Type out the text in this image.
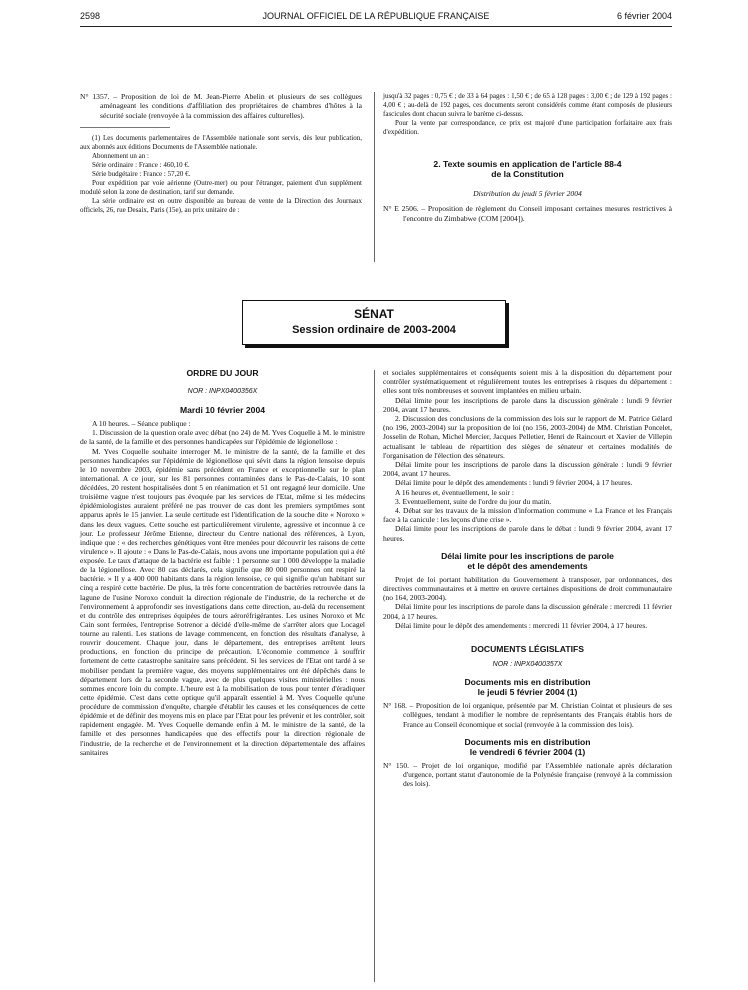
2598	JOURNAL OFFICIEL DE LA RÉPUBLIQUE FRANÇAISE	6 février 2004

N° 1357. – Proposition de loi de M. Jean-Pierre Abelin et plusieurs de ses collègues aménageant les conditions d'affiliation des propriétaires de chambres d'hôtes à la sécurité sociale (renvoyée à la commission des affaires culturelles).

(1) Les documents parlementaires de l'Assemblée nationale sont servis, dès leur publication, aux abonnés aux éditions Documents de l'Assemblée nationale.

Abonnement un an :

Série ordinaire : France : 460,10 €.

Série budgétaire : France : 57,20 €.

Pour expédition par voie aérienne (Outre-mer) ou pour l'étranger, paiement d'un supplément modulé selon la zone de destination, tarif sur demande.

La série ordinaire est en outre disponible au bureau de vente de la Direction des Journaux officiels, 26, rue Desaix, Paris (15e), au prix unitaire de :

jusqu'à 32 pages : 0,75 € ; de 33 à 64 pages : 1,50 € ; de 65 à 128 pages : 3,00 € ; de 129 à 192 pages : 4,00 € ; au-delà de 192 pages, ces documents seront considérés comme étant composés de plusieurs fascicules dont chacun suivra le barème ci-dessus.

Pour la vente par correspondance, ce prix est majoré d'une participation forfaitaire aux frais d'expédition.

2. Texte soumis en application de l'article 88-4

de la Constitution

Distribution du jeudi 5 février 2004

N° E 2506. – Proposition de règlement du Conseil imposant certaines mesures restrictives à l'encontre du Zimbabwe (COM [2004]).

SÉNAT
Session ordinaire de 2003-2004

ORDRE DU JOUR

NOR : INPX0400356X

Mardi 10 février 2004

A 10 heures. – Séance publique :

1. Discussion de la question orale avec débat (no 24) de M. Yves Coquelle à M. le ministre de la santé, de la famille et des personnes handicapées sur l'épidémie de légionellose :

M. Yves Coquelle souhaite interroger M. le ministre de la santé, de la famille et des personnes handicapées sur l'épidémie de légionellose qui sévit dans la région lensoise depuis le 10 novembre 2003, épidémie sans précédent en France et exceptionnelle sur le plan international. A ce jour, sur les 81 personnes contaminées dans le Pas-de-Calais, 10 sont décédées, 20 restent hospitalisées dont 5 en réanimation et 51 ont regagné leur domicile. Une troisième vague n'est toujours pas évoquée par les services de l'Etat, même si les médecins épidémiologistes auraient préféré ne pas trouver de cas dont les premiers symptômes sont apparus après le 15 janvier. La seule certitude est l'identification de la souche dite « Noroxo » dans les deux vagues. Cette souche est particulièrement virulente, agressive et inconnue à ce jour. Le professeur Jérôme Etienne, directeur du Centre national des références, à Lyon, indique que : « des recherches génétiques vont être menées pour découvrir les raisons de cette virulence ». Il ajoute : « Dans le Pas-de-Calais, nous avons une importante population qui a été exposée. Le taux d'attaque de la bactérie est faible : 1 personne sur 1 000 développe la maladie de la légionellose. Avec 80 cas déclarés, cela signifie que 80 000 personnes ont respiré la bactérie. » Il y a 400 000 habitants dans la région lensoise, ce qui signifie qu'un habitant sur cinq a respiré cette bactérie. De plus, la très forte concentration de bactéries retrouvée dans la lagune de l'usine Noroxo conduit la direction régionale de l'industrie, de la recherche et de l'environnement à approfondir ses investigations dans cette direction, au-delà du recensement et du contrôle des entreprises équipées de tours aéroréfrigérantes. Les usines Noroxo et Mc Cain sont fermées, l'entreprise Sotrenor a décidé d'elle-même de s'arrêter alors que Locagel tourne au ralenti. Les stations de lavage commencent, en fonction des résultats d'analyse, à rouvrir doucement. Chaque jour, dans le département, des entreprises arrêtent leurs productions, en fonction du principe de précaution. L'économie commence à souffrir fortement de cette catastrophe sanitaire sans précédent. Si les services de l'Etat ont tardé à se mobiliser pendant la première vague, des moyens supplémentaires ont été dépêchés dans le département lors de la seconde vague, avec de plus quelques visites ministérielles : nous sommes encore loin du compte. L'heure est à la mobilisation de tous pour tenter d'éradiquer cette épidémie. C'est dans cette optique qu'il apparaît essentiel à M. Yves Coquelle qu'une procédure de commission d'enquête, chargée d'établir les causes et les conséquences de cette épidémie et de définir des moyens mis en place par l'Etat pour les prévenir et les contrôler, soit rapidement engagée. M. Yves Coquelle demande enfin à M. le ministre de la santé, de la famille et des personnes handicapées que des effectifs pour la direction régionale de l'industrie, de la recherche et de l'environnement et la direction départementale des affaires sanitaires

et sociales supplémentaires et conséquents soient mis à la disposition du département pour contrôler systématiquement et régulièrement toutes les entreprises à risques du département : elles sont très nombreuses et souvent implantées en milieu urbain.

Délai limite pour les inscriptions de parole dans la discussion générale : lundi 9 février 2004, avant 17 heures.

2. Discussion des conclusions de la commission des lois sur le rapport de M. Patrice Gélard (no 196, 2003-2004) sur la proposition de loi (no 156, 2003-2004) de MM. Christian Poncelet, Josselin de Rohan, Michel Mercier, Jacques Pelletier, Henri de Raincourt et Xavier de Villepin actualisant le tableau de répartition des sièges de sénateur et certaines modalités de l'organisation de l'élection des sénateurs.

Délai limite pour les inscriptions de parole dans la discussion générale : lundi 9 février 2004, avant 17 heures.

Délai limite pour le dépôt des amendements : lundi 9 février 2004, à 17 heures.

A 16 heures et, éventuellement, le soir :

3. Eventuellement, suite de l'ordre du jour du matin.

4. Débat sur les travaux de la mission d'information commune « La France et les Français face à la canicule : les leçons d'une crise ».

Délai limite pour les inscriptions de parole dans le débat : lundi 9 février 2004, avant 17 heures.

Délai limite pour les inscriptions de parole

et le dépôt des amendements

Projet de loi portant habilitation du Gouvernement à transposer, par ordonnances, des directives communautaires et à mettre en œuvre certaines dispositions de droit communautaire (no 164, 2003-2004).

Délai limite pour les inscriptions de parole dans la discussion générale : mercredi 11 février 2004, à 17 heures.

Délai limite pour le dépôt des amendements : mercredi 11 février 2004, à 17 heures.

DOCUMENTS LÉGISLATIFS

NOR : INPX0400357X

Documents mis en distribution

le jeudi 5 février 2004 (1)

N° 168. – Proposition de loi organique, présentée par M. Christian Cointat et plusieurs de ses collègues, tendant à modifier le nombre de représentants des Français établis hors de France au Conseil économique et social (renvoyée à la commission des lois).

Documents mis en distribution

le vendredi 6 février 2004 (1)

N° 150. – Projet de loi organique, modifié par l'Assemblée nationale après déclaration d'urgence, portant statut d'autonomie de la Polynésie française (renvoyé à la commission des lois).
